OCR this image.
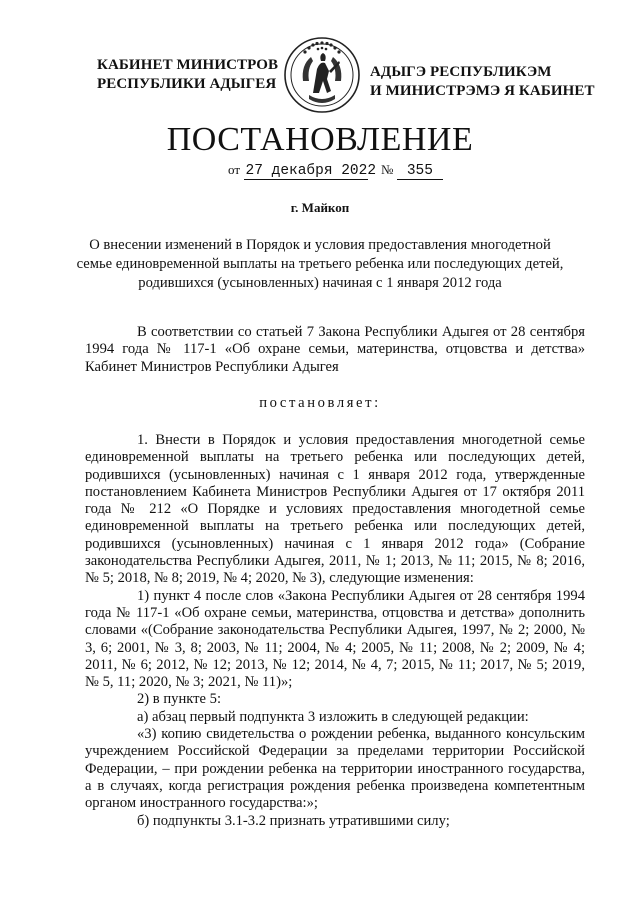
КАБИНЕТ МИНИСТРОВ
РЕСПУБЛИКИ АДЫГЕЯ
АДЫГЭ РЕСПУБЛИКЭМ
И МИНИСТРЭМЭ Я КАБИНЕТ
ПОСТАНОВЛЕНИЕ
от 27 декабря 2022 № 355
г. Майкоп
О внесении изменений в Порядок и условия предоставления многодетной семье единовременной выплаты на третьего ребенка или последующих детей, родившихся (усыновленных) начиная с 1 января 2012 года

В соответствии со статьей 7 Закона Республики Адыгея от 28 сентября 1994 года № 117-1 «Об охране семьи, материнства, отцовства и детства» Кабинет Министров Республики Адыгея

постановляет:

1. Внести в Порядок и условия предоставления многодетной семье единовременной выплаты на третьего ребенка или последующих детей, родившихся (усыновленных) начиная с 1 января 2012 года, утвержденные постановлением Кабинета Министров Республики Адыгея от 17 октября 2011 года № 212 «О Порядке и условиях предоставления многодетной семье единовременной выплаты на третьего ребенка или последующих детей, родившихся (усыновленных) начиная с 1 января 2012 года» (Собрание законодательства Республики Адыгея, 2011, № 1; 2013, № 11; 2015, № 8; 2016, № 5; 2018, № 8; 2019, № 4; 2020, № 3), следующие изменения:

1) пункт 4 после слов «Закона Республики Адыгея от 28 сентября 1994 года № 117-1 «Об охране семьи, материнства, отцовства и детства» дополнить словами «(Собрание законодательства Республики Адыгея, 1997, № 2; 2000, № 3, 6; 2001, № 3, 8; 2003, № 11; 2004, № 4; 2005, № 11; 2008, № 2; 2009, № 4; 2011, № 6; 2012, № 12; 2013, № 12; 2014, № 4, 7; 2015, № 11; 2017, № 5; 2019, № 5, 11; 2020, № 3; 2021, № 11)»;

2) в пункте 5:

а) абзац первый подпункта 3 изложить в следующей редакции:

«3) копию свидетельства о рождении ребенка, выданного консульским учреждением Российской Федерации за пределами территории Российской Федерации, – при рождении ребенка на территории иностранного государства, а в случаях, когда регистрация рождения ребенка произведена компетентным органом иностранного государства:»;

б) подпункты 3.1-3.2 признать утратившими силу;
